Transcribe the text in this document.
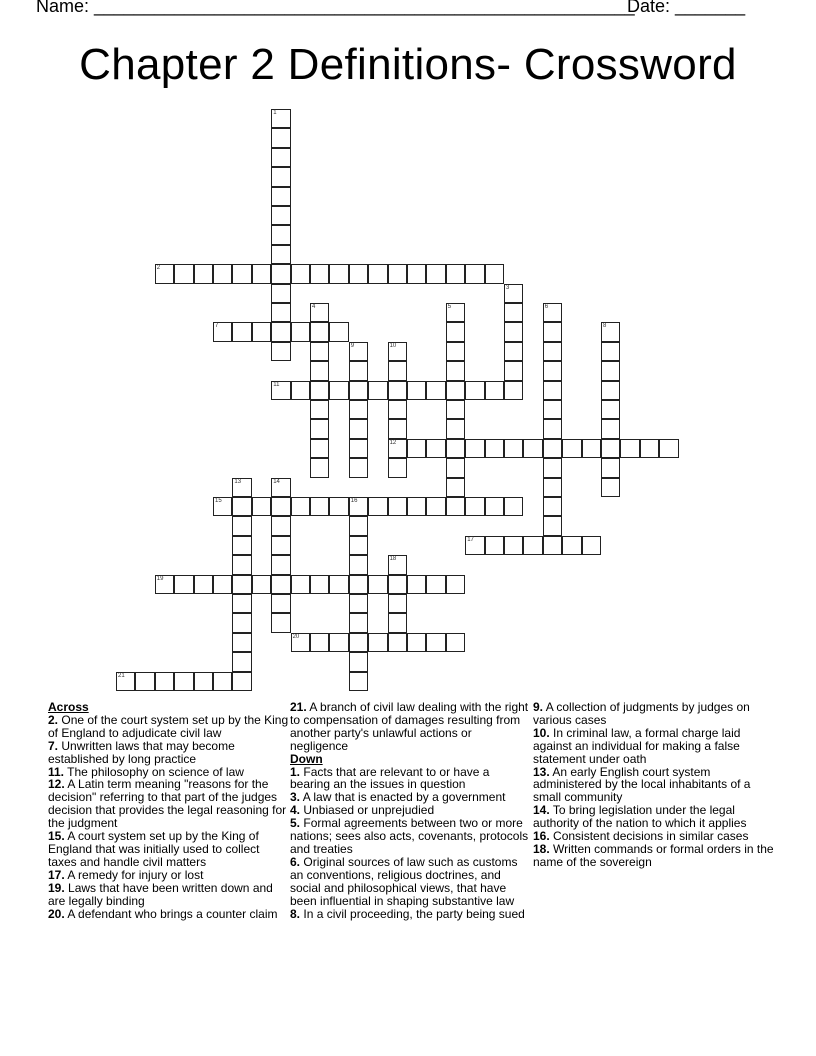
Name: ______________________________________________________
Date: _______
Chapter 2 Definitions- Crossword
1
2
3
4	5	6
7	8
9	10
12
11
13	14
15	16
17
18
19
20
21
Across
2. One of the court system set up by the King of England to adjudicate civil law
7. Unwritten laws that may become established by long practice
11. The philosophy on science of law
12. A Latin term meaning "reasons for the decision" referring to that part of the judges decision that provides the legal reasoning for the judgment
15. A court system set up by the King of England that was initially used to collect taxes and handle civil matters
17. A remedy for injury or lost
19. Laws that have been written down and are legally binding
20. A defendant who brings a counter claim
21. A branch of civil law dealing with the right to compensation of damages resulting from another party's unlawful actions or negligence
Down
1. Facts that are relevant to or have a bearing an the issues in question
3. A law that is enacted by a government
4. Unbiased or unprejudied
5. Formal agreements between two or more nations; sees also acts, covenants, protocols and treaties
6. Original sources of law such as customs an conventions, religious doctrines, and social and philosophical views, that have been influential in shaping substantive law
8. In a civil proceeding, the party being sued
9. A collection of judgments by judges on various cases
10. In criminal law, a formal charge laid against an individual for making a false statement under oath
13. An early English court system administered by the local inhabitants of a small community
14. To bring legislation under the legal authority of the nation to which it applies
16. Consistent decisions in similar cases
18. Written commands or formal orders in the name of the sovereign
